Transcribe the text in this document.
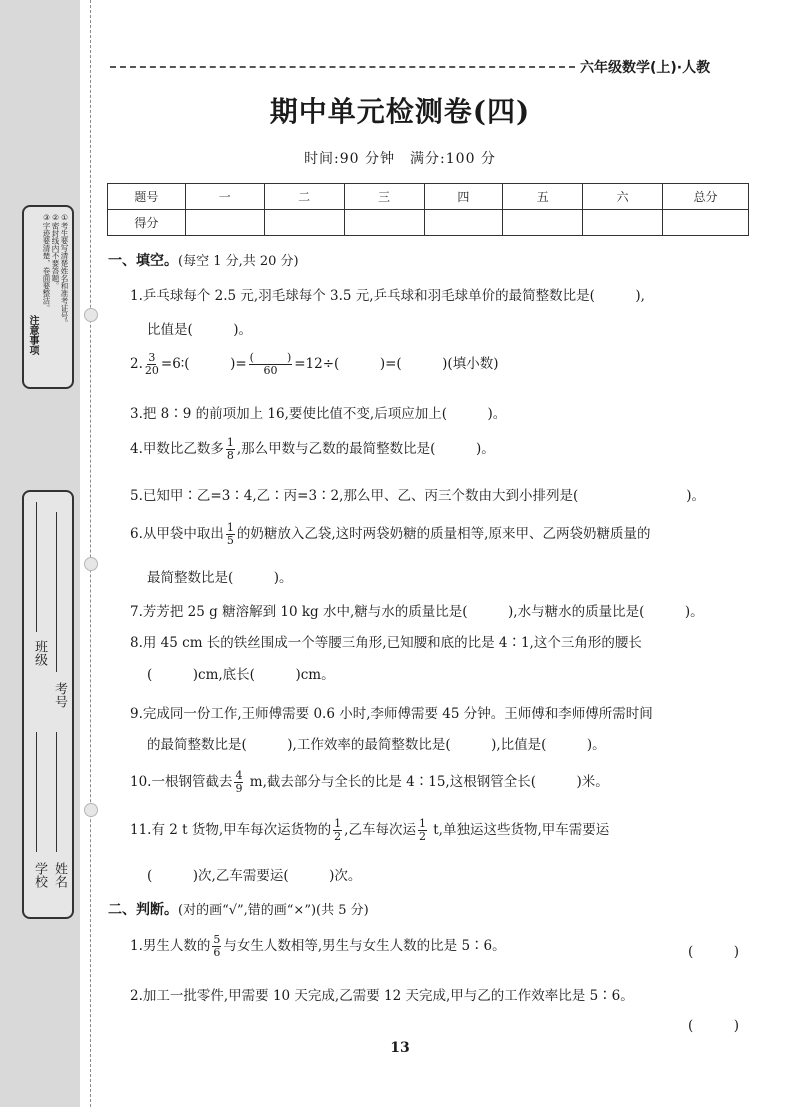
注意事项
①考生要写清楚姓名和准考证号。
②密封线内不要答题。
③字迹要清楚，卷面要整洁。
班级
考号
学校 姓名
六年级数学(上)·人教
期中单元检测卷(四)
时间:90 分钟　满分:100 分
题号	一	二	三	四	五	六	总分
得分							
一、填空。(每空 1 分,共 20 分)
1.乒乓球每个 2.5 元,羽毛球每个 3.5 元,乒乓球和羽毛球单价的最简整数比是(　　　),
比值是(　　　)。
2. $\frac{3}{20}$ =6∶(　　　)= $\frac{( )}{60} =12\div$(　　　)=(　　　)(填小数)
3.把 8∶9 的前项加上 16,要使比值不变,后项应加上(　　　)。
4.甲数比乙数多 $\frac{1}{8}$ ,那么甲数与乙数的最简整数比是(　　　)。
5.已知甲∶乙=3∶4,乙∶丙=3∶2,那么甲、乙、丙三个数由大到小排列是(　　　　　　　　)。
6.从甲袋中取出 $\frac{1}{5}$ 的奶糖放入乙袋,这时两袋奶糖的质量相等,原来甲、乙两袋奶糖质量的
最简整数比是(　　　)。
7.芳芳把 25 g 糖溶解到 10 kg 水中,糖与水的质量比是(　　　),水与糖水的质量比是(　　　)。
8.用 45 cm 长的铁丝围成一个等腰三角形,已知腰和底的比是 4∶1,这个三角形的腰长
(　　　)cm,底长(　　　)cm。
9.完成同一份工作,王师傅需要 0.6 小时,李师傅需要 45 分钟。王师傅和李师傅所需时间
的最简整数比是(　　　),工作效率的最简整数比是(　　　),比值是(　　　)。
10.一根钢管截去 $\frac{4}{9} m$,截去部分与全长的比是 4∶15,这根钢管全长(　　　)米。
11.有 2 t 货物,甲车每次运货物的 $\frac{1}{2}$ ,乙车每次运 $\frac{1}{2} t$,单独运这些货物,甲车需要运
(　　　)次,乙车需要运(　　　)次。
二、判断。(对的画“√”,错的画“×”)(共 5 分)
1.男生人数的 $\frac{5}{6}$ 与女生人数相等,男生与女生人数的比是 5∶6。	(　　　)
2.加工一批零件,甲需要 10 天完成,乙需要 12 天完成,甲与乙的工作效率比是 5∶6。
(　　　)
13
